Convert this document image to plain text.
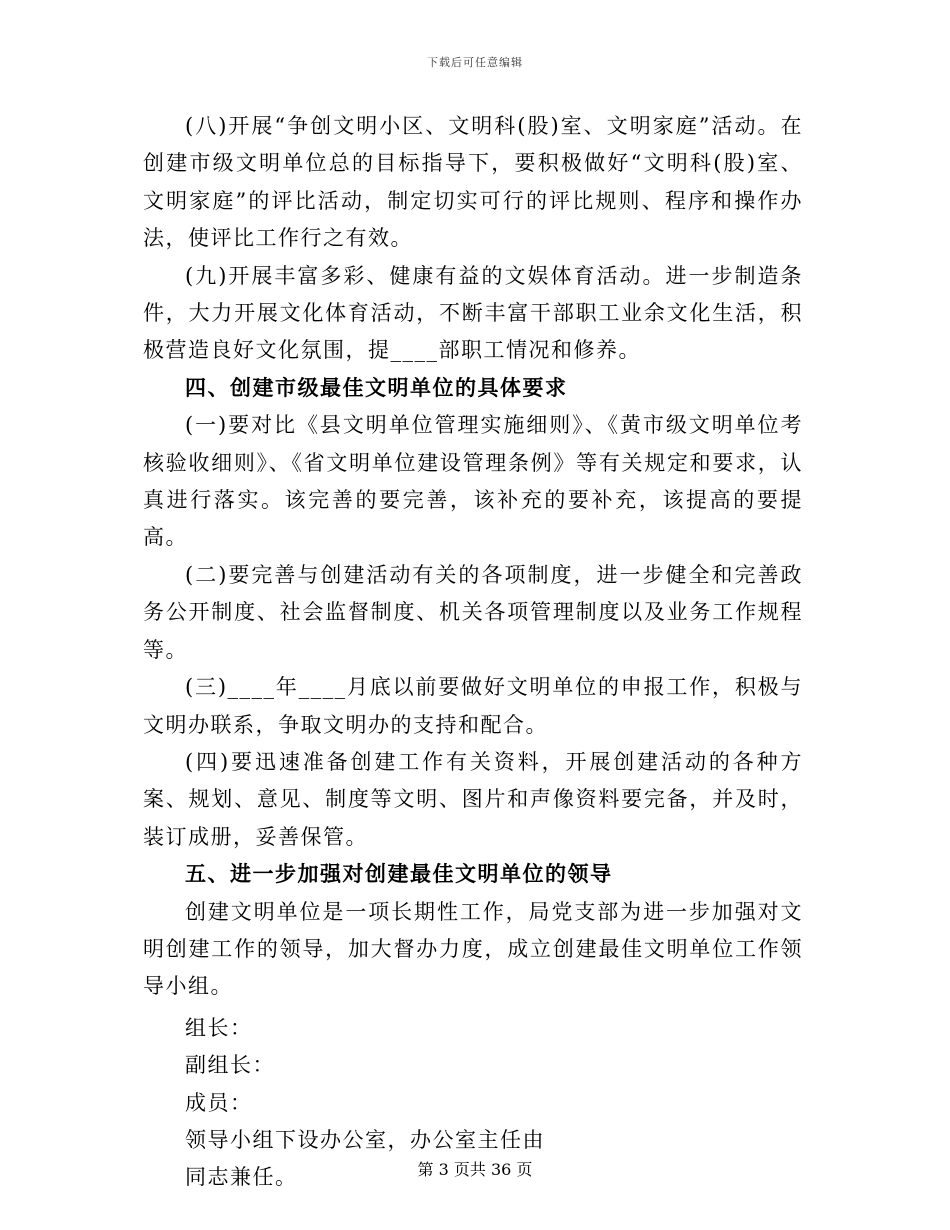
下载后可任意编辑

(八)开展“争创文明小区、文明科(股)室、文明家庭”活动。在创建市级文明单位总的目标指导下，要积极做好“文明科(股)室、文明家庭”的评比活动，制定切实可行的评比规则、程序和操作办法，使评比工作行之有效。

(九)开展丰富多彩、健康有益的文娱体育活动。进一步制造条件，大力开展文化体育活动，不断丰富干部职工业余文化生活，积极营造良好文化氛围，提____部职工情况和修养。

四、创建市级最佳文明单位的具体要求

(一)要对比《县文明单位管理实施细则》、《黄市级文明单位考核验收细则》、《省文明单位建设管理条例》等有关规定和要求，认真进行落实。该完善的要完善，该补充的要补充，该提高的要提高。

(二)要完善与创建活动有关的各项制度，进一步健全和完善政务公开制度、社会监督制度、机关各项管理制度以及业务工作规程等。

(三)____年____月底以前要做好文明单位的申报工作，积极与文明办联系，争取文明办的支持和配合。

(四)要迅速准备创建工作有关资料，开展创建活动的各种方案、规划、意见、制度等文明、图片和声像资料要完备，并及时，装订成册，妥善保管。

五、进一步加强对创建最佳文明单位的领导

创建文明单位是一项长期性工作，局党支部为进一步加强对文明创建工作的领导，加大督办力度，成立创建最佳文明单位工作领导小组。

组长：

副组长：

成员：

领导小组下设办公室，办公室主任由

同志兼任。	第 3 页共 36 页
